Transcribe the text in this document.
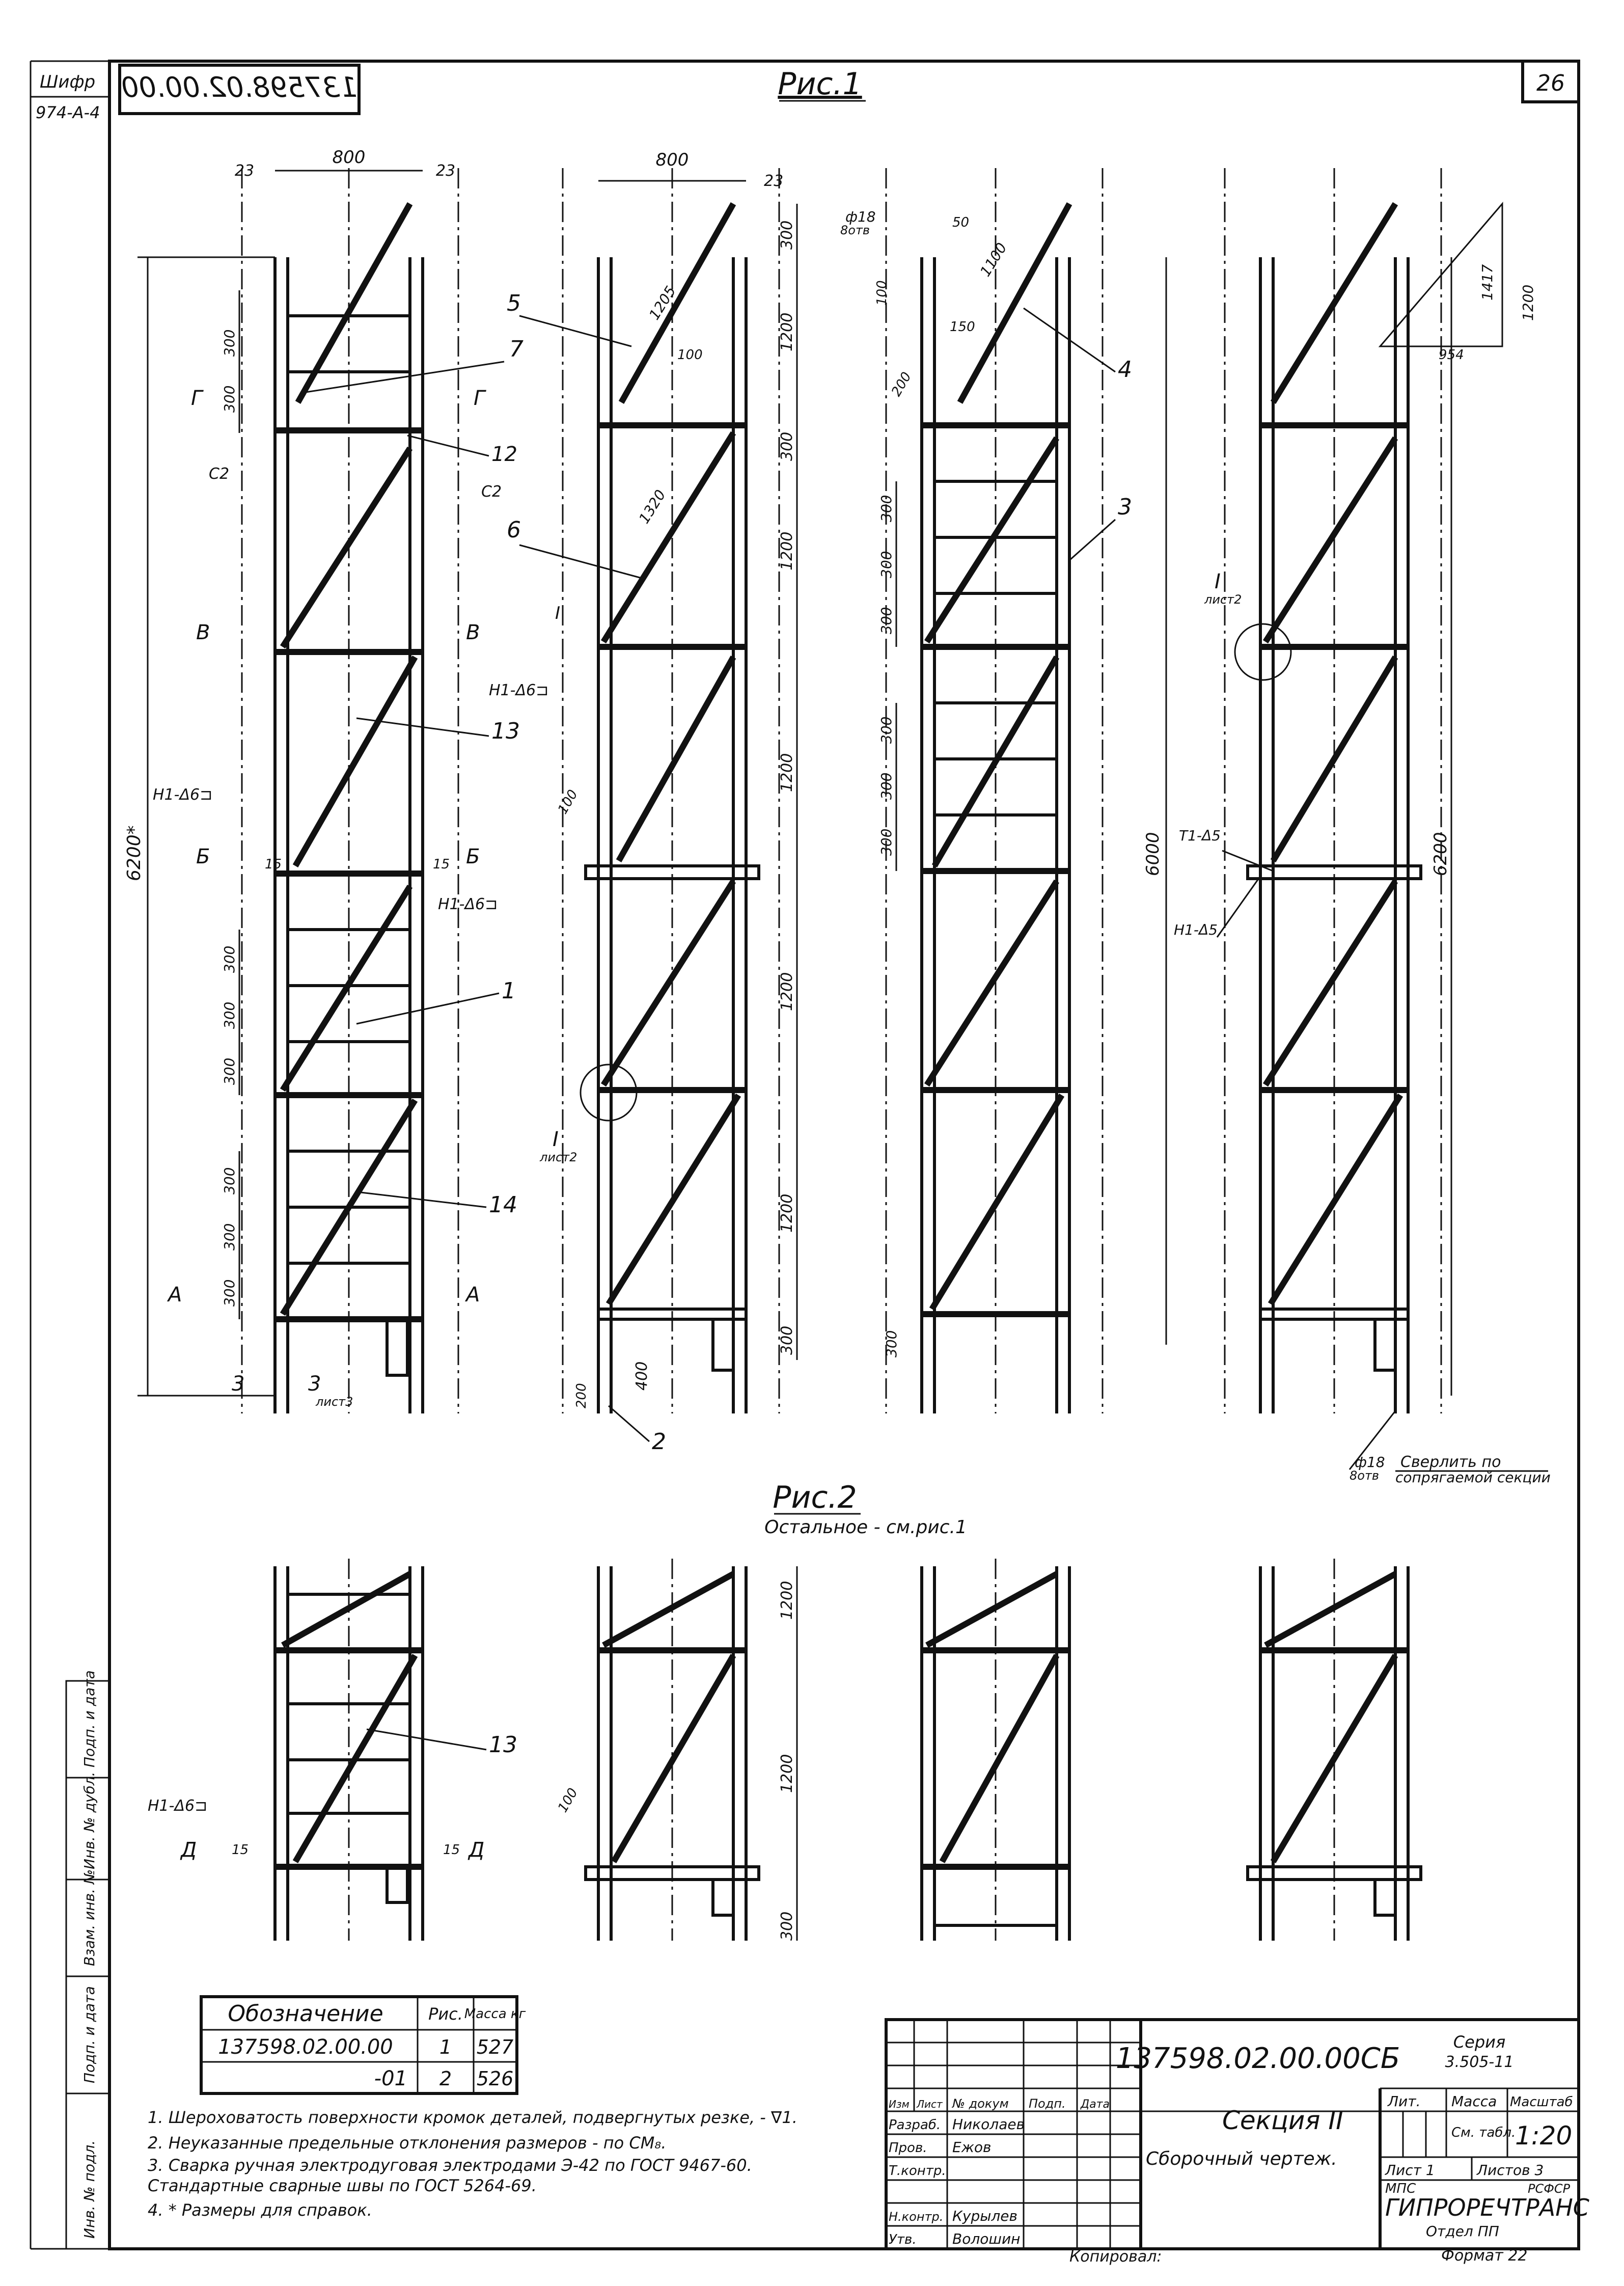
Шифр
974-А-4
137598.02.00.00	26
Подп. и дата
Инв. № дубл.
Взам. инв. №
Подп. и дата
Инв. № подл.
Рис.1
Рис.2
Остальное - см.рис.1
800
23	23
6200*
300
300
300
300
300
300
300
300
15	15
Г	Г
В	В
Б	Б
А	А
3	3
лист3
7
12
С2
С2
Н1-Δ6⊐
Н1-Δ6⊐
Н1-Δ6⊐
13
1
14
800
23
300
1200
300
1200
1200
1200
1200
300
1205
1320
100
100
I
200
400
I
лист2
5
6
2
6000
ф18
8отв	50
1100
150
200
100
300
300
300
300
300
300
300
4
3
1417
1200
954
6200
I
лист2
Т1-Δ5
Н1-Δ5
ф18
8отв
Сверлить по
сопрягаемой секции
13
Н1-Δ6⊐
Д	Д
15	15
1200
1200
300
100
Обозначение	Рис. Масса кг
137598.02.00.00 1 527
-01 2 526
1. Шероховатость поверхности кромок деталей, подвергнутых резке, - ∇1.
2. Неуказанные предельные отклонения размеров - по СМ₈.
3. Сварка ручная электродуговая электродами Э-42 по ГОСТ 9467-60.
Стандартные сварные швы по ГОСТ 5264-69.
4. * Размеры для справок.
137598.02.00.00СБ	Серия
3.505-11
Секция II
Сборочный чертеж.
Изм Лист № докум Подп. Дата
Разраб. Николаев
Пров. Ежов
Т.контр.
Н.контр. Курылев
Утв.	Волошин
Лит. Масса Масштаб
См. табл.
1:20
Лист 1	Листов 3
МПС	РСФСР
ГИПРОРЕЧТРАНС
Отдел ПП
Формат 22
Копировал:
